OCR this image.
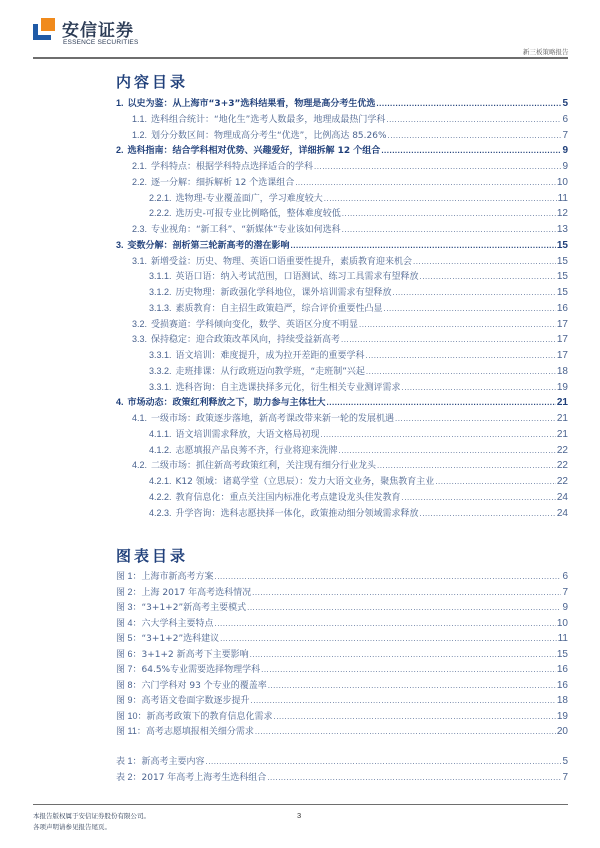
安信证券
ESSENCE SECURITIES
新三板策略报告
内容目录
1. 以史为鉴：从上海市“3+3”选科结果看，物理是高分考生优选 .....	5
1.1. 选科组合统计：“地化生”选考人数最多，地理成最热门学科 .....	6
1.2. 划分分数区间：物理成高分考生“优选”，比例高达 85.26% .....	7
2. 选科指南：结合学科相对优势、兴趣爱好，详细拆解 12 个组合 .....	9
2.1. 学科特点：根据学科特点选择适合的学科 .....	9
2.2. 逐一分解：细拆解析 12 个选课组合 .....	10
2.2.1. 选物理-专业覆盖面广，学习难度较大 .....	11
2.2.2. 选历史-可报专业比例略低，整体难度较低 .....	12
2.3. 专业视角：“新工科”、“新媒体”专业该如何选科 .....	13
3. 变数分解：剖析第三轮新高考的潜在影响 .....	15
3.1. 新增受益：历史、物理、英语口语重要性提升，素质教育迎来机会 .....	15
3.1.1. 英语口语：纳入考试范围，口语测试、练习工具需求有望释放 .....	15
3.1.2. 历史物理：新政强化学科地位，课外培训需求有望释放 .....	15
3.1.3. 素质教育：自主招生政策趋严，综合评价重要性凸显 .....	16
3.2. 受损赛道：学科倾向变化，数学、英语区分度不明显 .....	17
3.3. 保持稳定：迎合政策改革风向，持续受益新高考 .....	17
3.3.1. 语文培训：难度提升，成为拉开差距的重要学科 .....	17
3.3.2. 走班排课：从行政班迈向教学班，“走班制”兴起 .....	18
3.3.1. 选科咨询：自主选课抉择多元化，衍生相关专业测评需求 .....	19
4. 市场动态：政策红利释放之下，助力参与主体壮大 .....	21
4.1. 一级市场：政策逐步落地，新高考课改带来新一轮的发展机遇 .....	21
4.1.1. 语文培训需求释放，大语文格局初现 .....	21
4.1.2. 志愿填报产品良莠不齐，行业将迎来洗牌 .....	22
4.2. 二级市场：抓住新高考政策红利，关注现有细分行业龙头 .....	22
4.2.1. K12 领域：诸葛学堂（立思辰）：发力大语文业务，聚焦教育主业 .....	22
4.2.2. 教育信息化：重点关注国内标准化考点建设龙头佳发教育 .....	24
4.2.3. 升学咨询：选科志愿抉择一体化，政策推动细分领域需求释放 .....	24
图表目录
图 1： 上海市新高考方案 .....	6
图 2： 上海 2017 年高考选科情况 .....	7
图 3： “3+1+2”新高考主要模式 .....	9
图 4： 六大学科主要特点 .....	10
图 5： “3+1+2”选科建议 .....	11
图 6： 3+1+2 新高考下主要影响 .....	15
图 7： 64.5%专业需要选择物理学科 .....	16
图 8： 六门学科对 93 个专业的覆盖率 .....	16
图 9： 高考语文卷面字数逐步提升 .....	18
图 10： 新高考政策下的教育信息化需求 .....	19
图 11： 高考志愿填报相关细分需求 .....	20
表 1： 新高考主要内容 .....	5
表 2： 2017 年高考上海考生选科组合 .....	7
本报告版权属于安信证券股份有限公司。
各项声明请参见报告尾页。
3
